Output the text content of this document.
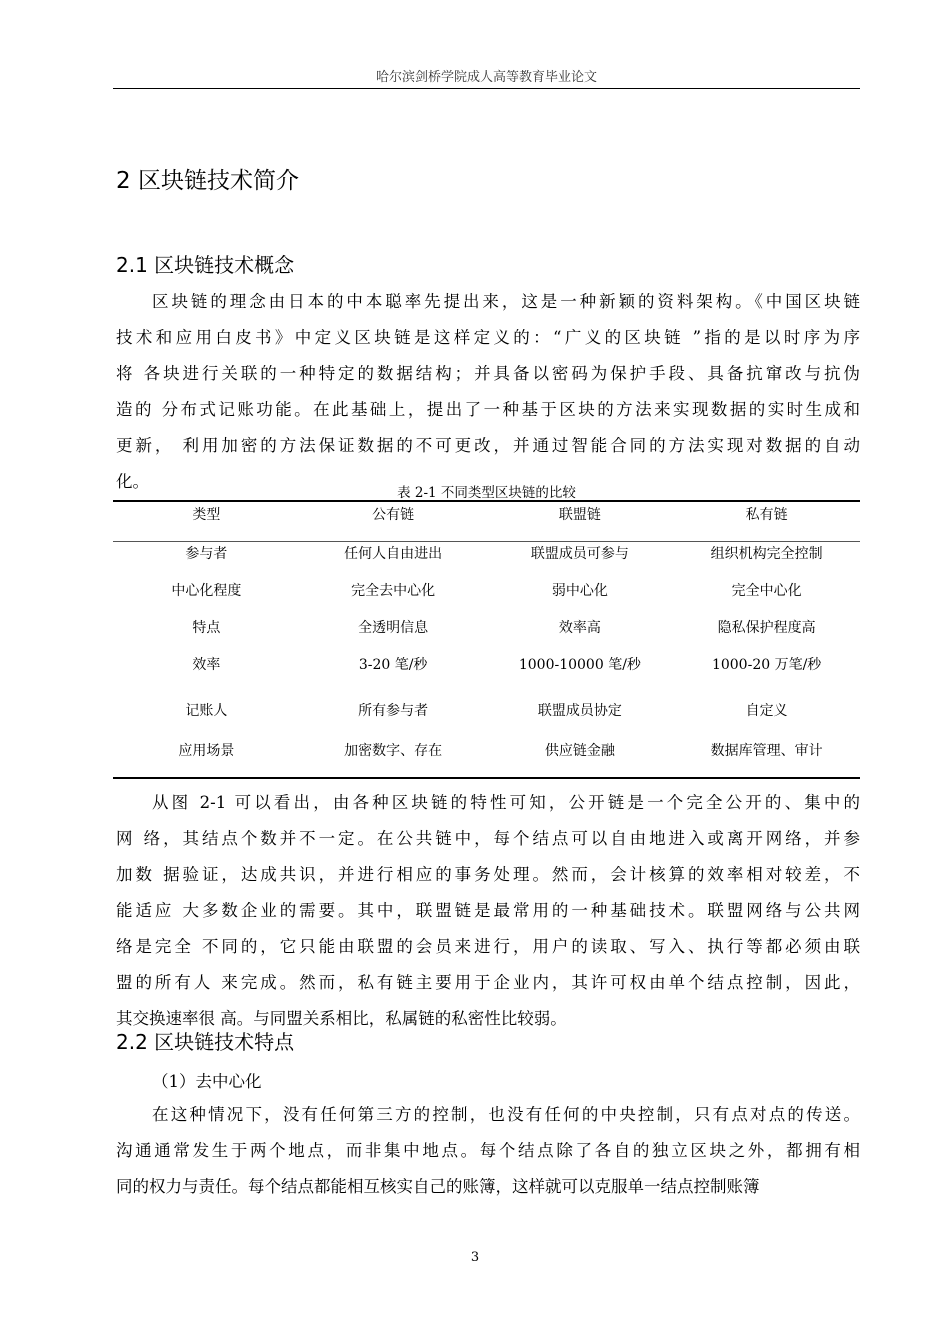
哈尔滨剑桥学院成人高等教育毕业论文
2 区块链技术简介
2.1 区块链技术概念
区块链的理念由日本的中本聪率先提出来，这是一种新颖的资料架构。《中国区块链
技术和应用白皮书》中定义区块链是这样定义的：“广义的区块链 ”指的是以时序为序
将 各块进行关联的一种特定的数据结构；并具备以密码为保护手段、具备抗窜改与抗伪
造的 分布式记账功能。在此基础上，提出了一种基于区块的方法来实现数据的实时生成和
更新， 利用加密的方法保证数据的不可更改，并通过智能合同的方法实现对数据的自动
化。
表 2-1 不同类型区块链的比较
类型	公有链	联盟链	私有链
参与者	任何人自由进出	联盟成员可参与	组织机构完全控制
中心化程度	完全去中心化	弱中心化	完全中心化
特点	全透明信息	效率高	隐私保护程度高
效率	3-20 笔/秒	1000-10000 笔/秒	1000-20 万笔/秒
记账人	所有参与者	联盟成员协定	自定义
应用场景	加密数字、存在	供应链金融	数据库管理、审计
从图 2-1 可以看出，由各种区块链的特性可知，公开链是一个完全公开的、集中的
网 络，其结点个数并不一定。在公共链中，每个结点可以自由地进入或离开网络，并参
加数 据验证，达成共识，并进行相应的事务处理。然而，会计核算的效率相对较差，不
能适应 大多数企业的需要。其中，联盟链是最常用的一种基础技术。联盟网络与公共网
络是完全 不同的，它只能由联盟的会员来进行，用户的读取、写入、执行等都必须由联
盟的所有人 来完成。然而，私有链主要用于企业内，其许可权由单个结点控制，因此，
其交换速率很 高。与同盟关系相比，私属链的私密性比较弱。
2.2 区块链技术特点
（1）去中心化
在这种情况下，没有任何第三方的控制，也没有任何的中央控制，只有点对点的传送。
沟通通常发生于两个地点，而非集中地点。每个结点除了各自的独立区块之外，都拥有相
同的权力与责任。每个结点都能相互核实自己的账簿，这样就可以克服单一结点控制账簿
3
